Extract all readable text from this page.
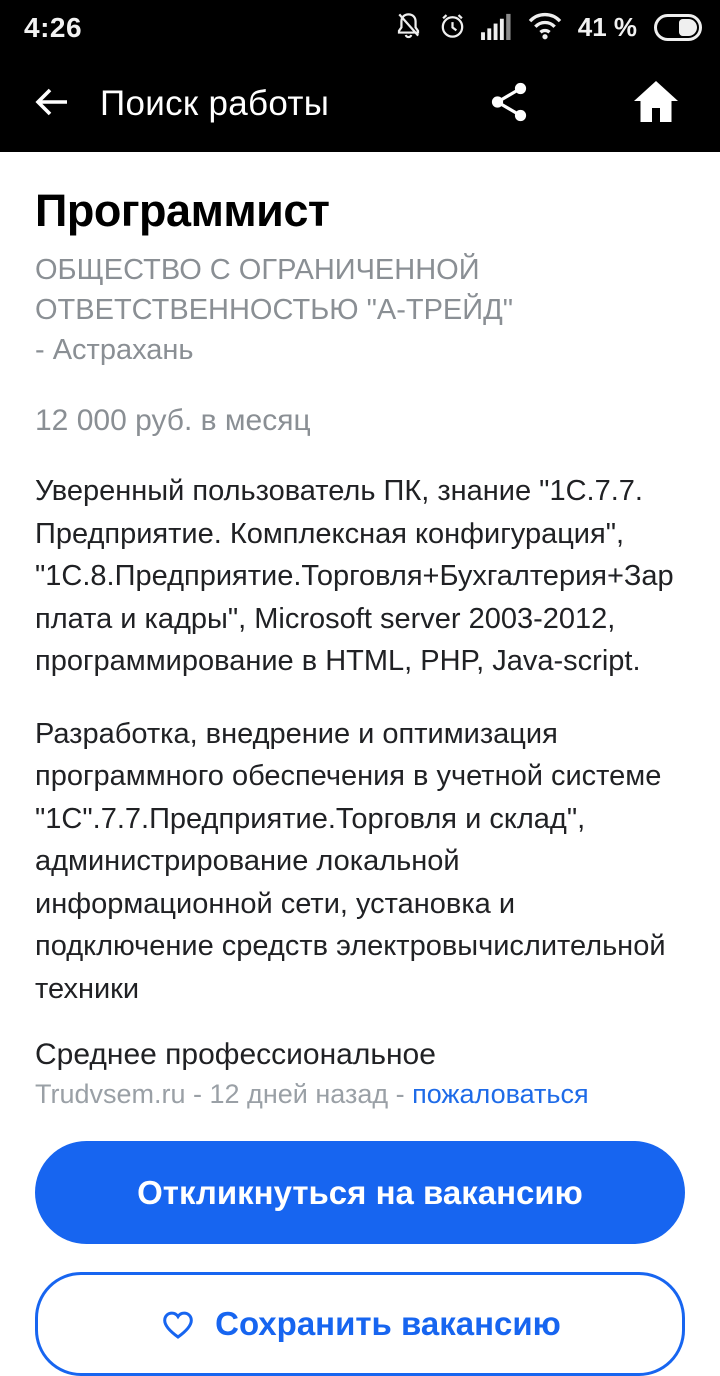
4:26	41 %
Поиск работы
Программист

ОБЩЕСТВО С ОГРАНИЧЕННОЙ ОТВЕТСТВЕННОСТЬЮ "А-ТРЕЙД"

- Астрахань

12 000 руб. в месяц

Уверенный пользователь ПК, знание "1С.7.7. Предприятие. Комплексная конфигурация", "1С.8.Предприятие.Торговля+Бухгалтерия+Зарплата и кадры", Microsoft server 2003-2012, программирование в HTML, PHP, Java-script.

Разработка, внедрение и оптимизация программного обеспечения в учетной системе "1С".7.7.Предприятие.Торговля и склад", администрирование локальной информационной сети, установка и подключение средств электровычислительной техники

Среднее профессиональное

Trudvsem.ru - 12 дней назад - пожаловаться

Откликнуться на вакансию
Сохранить вакансию
